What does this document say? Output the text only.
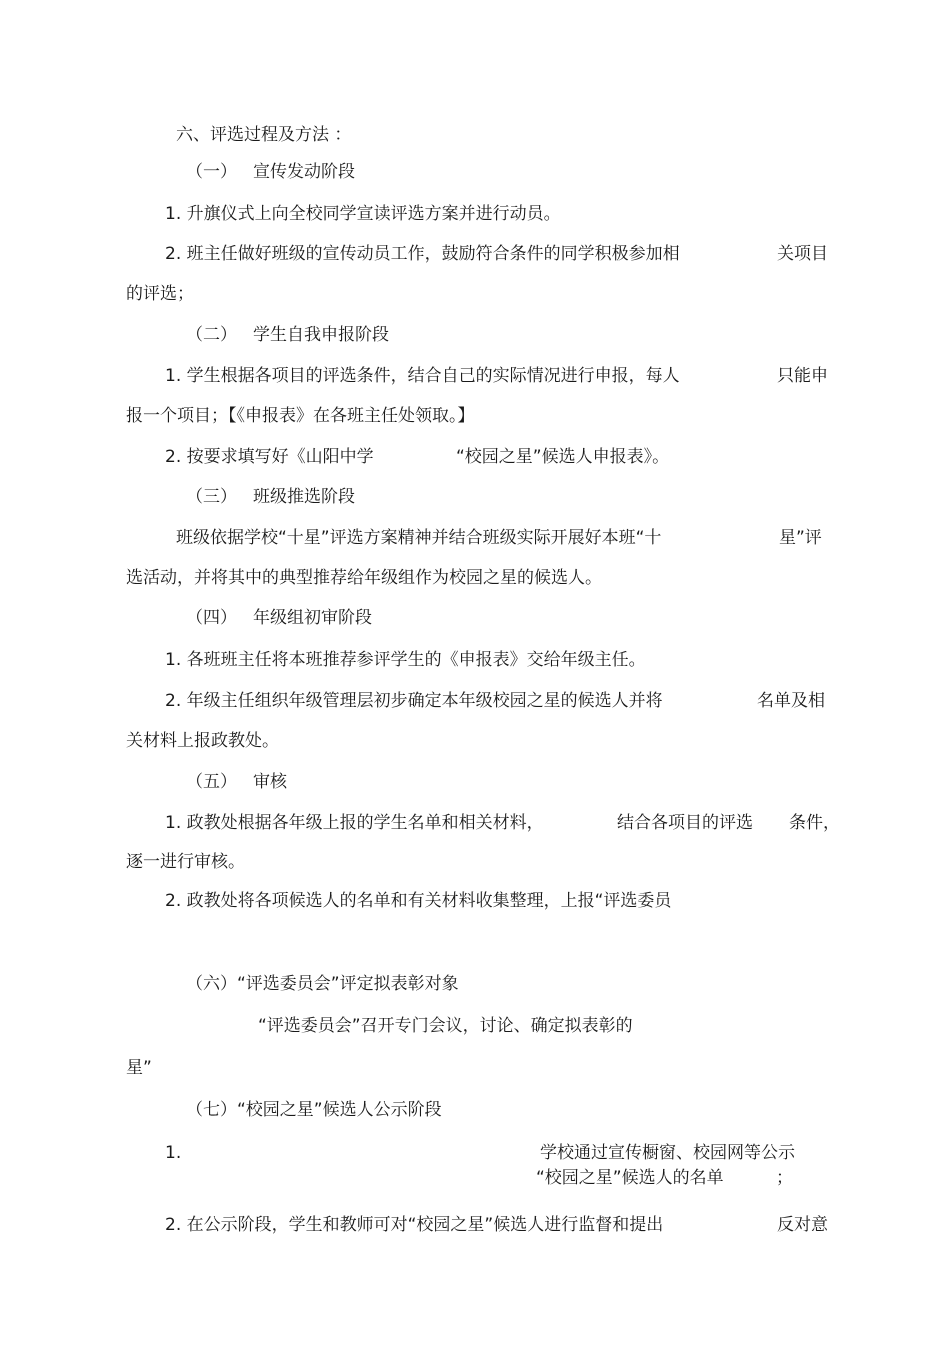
六、评选过程及方法 ：
（一） 宣传发动阶段
1. 升旗仪式上向全校同学宣读评选方案并进行动员。
2. 班主任做好班级的宣传动员工作，鼓励符合条件的同学积极参加相	关项目
的评选；
（二） 学生自我申报阶段
1. 学生根据各项目的评选条件，结合自己的实际情况进行申报，每人	只能申
报一个项目；【《申报表》在各班主任处领取。】
2. 按要求填写好《山阳中学	“校园之星”候选人申报表》。
（三） 班级推选阶段
班级依据学校“十星”评选方案精神并结合班级实际开展好本班“十	星”评
选活动，并将其中的典型推荐给年级组作为校园之星的候选人。
（四） 年级组初审阶段
1. 各班班主任将本班推荐参评学生的《申报表》交给年级主任。
2. 年级主任组织年级管理层初步确定本年级校园之星的候选人并将	名单及相
关材料上报政教处。
（五） 审核
1. 政教处根据各年级上报的学生名单和相关材料，	结合各项目的评选 条件，
逐一进行审核。
2. 政教处将各项候选人的名单和有关材料收集整理，上报“评选委员
（六）“评选委员会”评定拟表彰对象
“评选委员会”召开专门会议，讨论、确定拟表彰的
星”
（七）“校园之星”候选人公示阶段
1.	学校通过宣传橱窗、校园网等公示
“校园之星”候选人的名单	；
2. 在公示阶段，学生和教师可对“校园之星”候选人进行监督和提出	反对意
